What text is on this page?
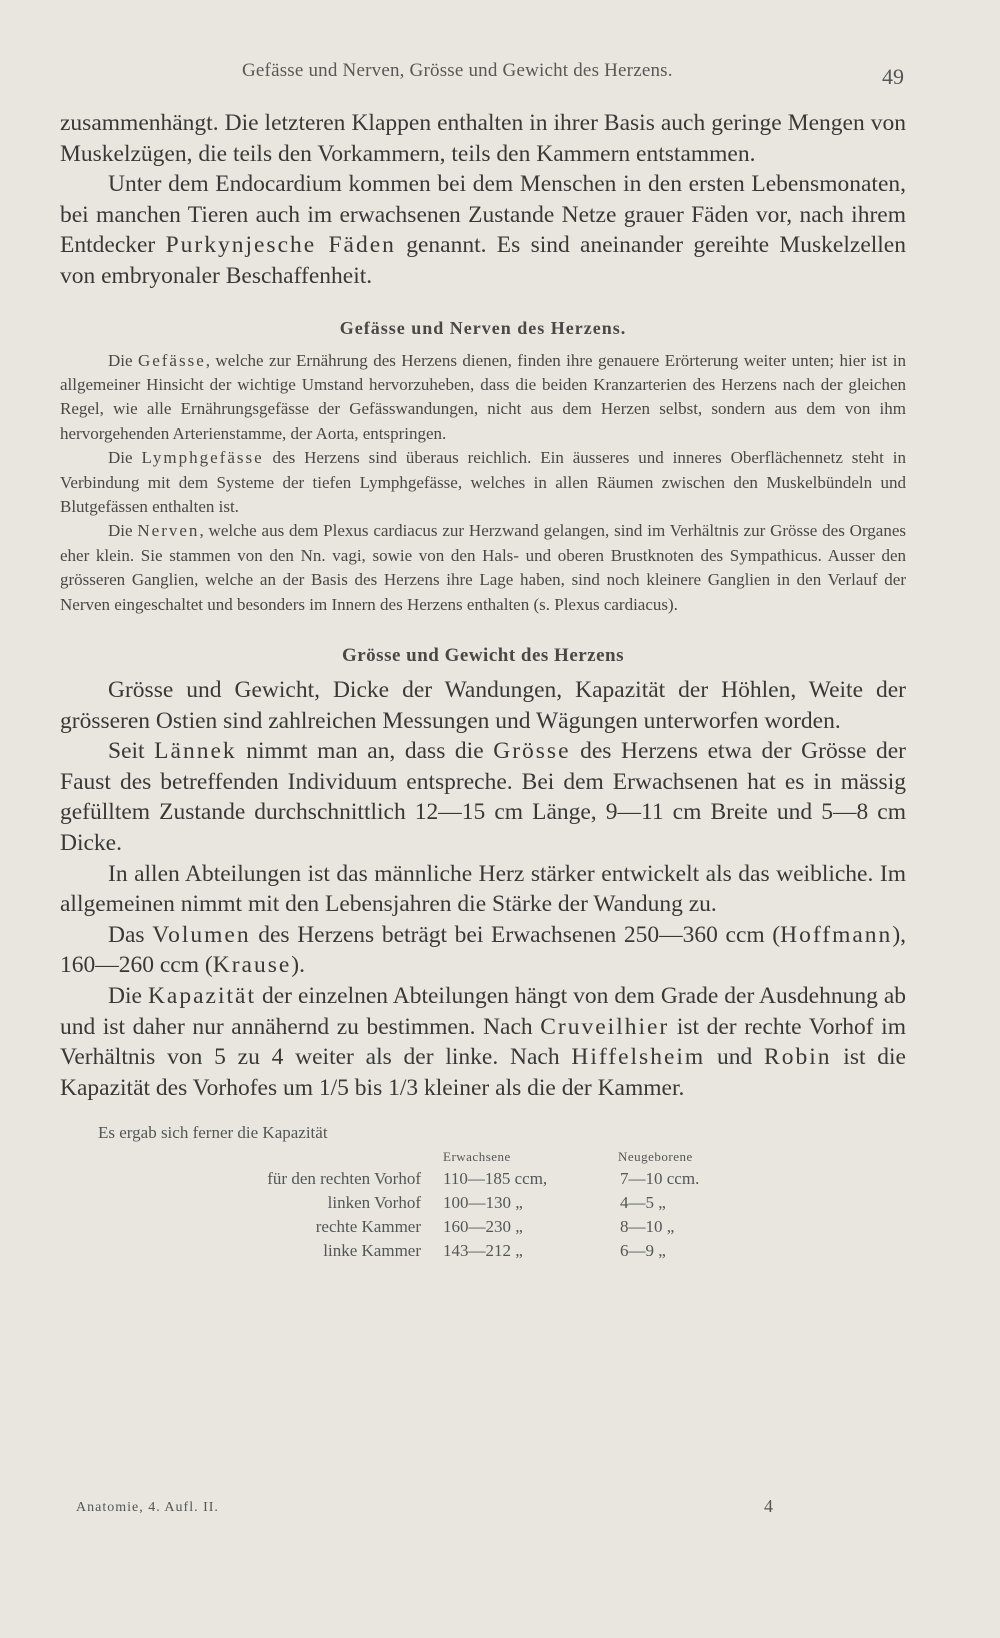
Gefässe und Nerven, Grösse und Gewicht des Herzens.	49

zusammenhängt. Die letzteren Klappen enthalten in ihrer Basis auch geringe Mengen von Muskelzügen, die teils den Vorkammern, teils den Kammern entstammen.

Unter dem Endocardium kommen bei dem Menschen in den ersten Lebensmonaten, bei manchen Tieren auch im erwachsenen Zustande Netze grauer Fäden vor, nach ihrem Entdecker Purkynjesche Fäden genannt. Es sind aneinander gereihte Muskelzellen von embryonaler Beschaffenheit.

Gefässe und Nerven des Herzens.

Die Gefässe, welche zur Ernährung des Herzens dienen, finden ihre genauere Erörterung weiter unten; hier ist in allgemeiner Hinsicht der wichtige Umstand hervorzuheben, dass die beiden Kranzarterien des Herzens nach der gleichen Regel, wie alle Ernährungsgefässe der Gefässwandungen, nicht aus dem Herzen selbst, sondern aus dem von ihm hervorgehenden Arterienstamme, der Aorta, entspringen.

Die Lymphgefässe des Herzens sind überaus reichlich. Ein äusseres und inneres Oberflächennetz steht in Verbindung mit dem Systeme der tiefen Lymphgefässe, welches in allen Räumen zwischen den Muskelbündeln und Blutgefässen enthalten ist.

Die Nerven, welche aus dem Plexus cardiacus zur Herzwand gelangen, sind im Verhältnis zur Grösse des Organes eher klein. Sie stammen von den Nn. vagi, sowie von den Hals- und oberen Brustknoten des Sympathicus. Ausser den grösseren Ganglien, welche an der Basis des Herzens ihre Lage haben, sind noch kleinere Ganglien in den Verlauf der Nerven eingeschaltet und besonders im Innern des Herzens enthalten (s. Plexus cardiacus).

Grösse und Gewicht des Herzens

Grösse und Gewicht, Dicke der Wandungen, Kapazität der Höhlen, Weite der grösseren Ostien sind zahlreichen Messungen und Wägungen unterworfen worden.

Seit Lännek nimmt man an, dass die Grösse des Herzens etwa der Grösse der Faust des betreffenden Individuum entspreche. Bei dem Erwachsenen hat es in mässig gefülltem Zustande durchschnittlich 12—15 cm Länge, 9—11 cm Breite und 5—8 cm Dicke.

In allen Abteilungen ist das männliche Herz stärker entwickelt als das weibliche. Im allgemeinen nimmt mit den Lebensjahren die Stärke der Wandung zu.

Das Volumen des Herzens beträgt bei Erwachsenen 250—360 ccm (Hoffmann), 160—260 ccm (Krause).

Die Kapazität der einzelnen Abteilungen hängt von dem Grade der Ausdehnung ab und ist daher nur annähernd zu bestimmen. Nach Cruveilhier ist der rechte Vorhof im Verhältnis von 5 zu 4 weiter als der linke. Nach Hiffelsheim und Robin ist die Kapazität des Vorhofes um 1/5 bis 1/3 kleiner als die der Kammer.

Es ergab sich ferner die Kapazität

	Erwachsene	Neugeborene
für den rechten Vorhof	110—185 ccm,	7—10 ccm.
linken Vorhof	100—130 „	4—5 „
rechte Kammer	160—230 „	8—10 „
linke Kammer	143—212 „	6—9 „
Anatomie, 4. Aufl. II.	4
